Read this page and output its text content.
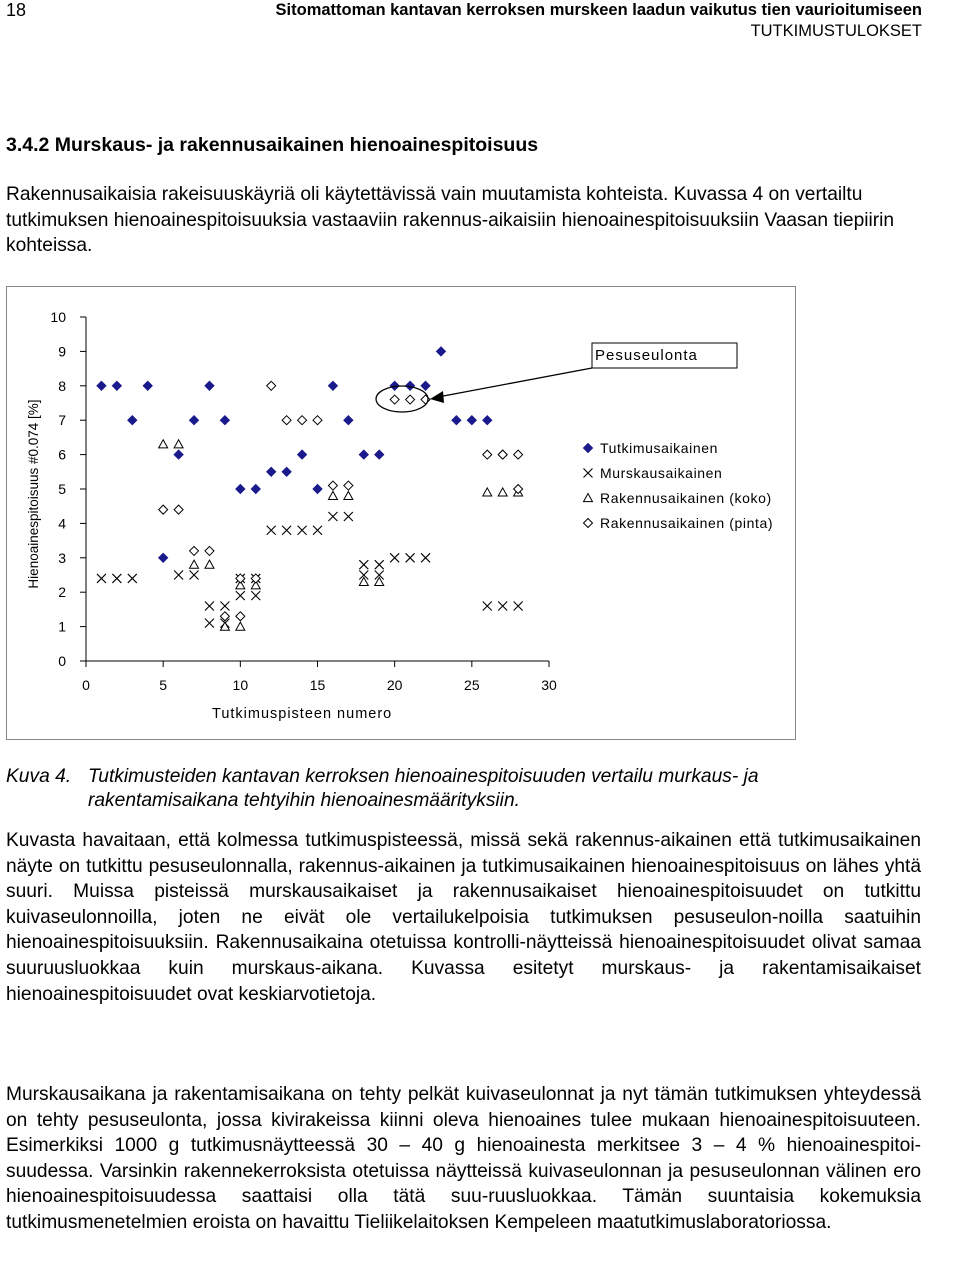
18	Sitomattoman kantavan kerroksen murskeen laadun vaikutus tien vaurioitumiseen
TUTKIMUSTULOKSET
3.4.2 Murskaus- ja rakennusaikainen hienoainespitoisuus

Rakennusaikaisia rakeisuuskäyriä oli käytettävissä vain muutamista kohteista. Kuvassa 4 on vertailtu tutkimuksen hienoainespitoisuuksia vastaaviin rakennus-aikaisiin hienoainespitoisuuksiin Vaasan tiepiirin kohteissa.

0
1
2
3
4
5
6
7
8
9
10
0	5	10	15	20	25	30
Tutkimuspisteen numero
Hienoainespitoisuus #0.074 [%]	Tutkimusaikainen
Murskausaikainen
Rakennusaikainen (koko)
Rakennusaikainen (pinta)
Pesuseulonta
Kuva 4. Tutkimusteiden kantavan kerroksen hienoainespitoisuuden vertailu murkaus- ja rakentamisaikana tehtyihin hienoainesmäärityksiin.

Kuvasta havaitaan, että kolmessa tutkimuspisteessä, missä sekä rakennus-aikainen että tutkimusaikainen näyte on tutkittu pesuseulonnalla, rakennus-aikainen ja tutkimusaikainen hienoainespitoisuus on lähes yhtä suuri. Muissa pisteissä murskausaikaiset ja rakennusaikaiset hienoainespitoisuudet on tutkittu kuivaseulonnoilla, joten ne eivät ole vertailukelpoisia tutkimuksen pesuseulon-noilla saatuihin hienoainespitoisuuksiin. Rakennusaikaina otetuissa kontrolli-näytteissä hienoainespitoisuudet olivat samaa suuruusluokkaa kuin murskaus-aikana. Kuvassa esitetyt murskaus- ja rakentamisaikaiset hienoainespitoisuudet ovat keskiarvotietoja.

Murskausaikana ja rakentamisaikana on tehty pelkät kuivaseulonnat ja nyt tämän tutkimuksen yhteydessä on tehty pesuseulonta, jossa kivirakeissa kiinni oleva hienoaines tulee mukaan hienoainespitoisuuteen. Esimerkiksi 1000 g tutkimusnäytteessä 30 – 40 g hienoainesta merkitsee 3 – 4 % hienoainespitoi-suudessa. Varsinkin rakennekerroksista otetuissa näytteissä kuivaseulonnan ja pesuseulonnan välinen ero hienoainespitoisuudessa saattaisi olla tätä suu-ruusluokkaa. Tämän suuntaisia kokemuksia tutkimusmenetelmien eroista on havaittu Tieliikelaitoksen Kempeleen maatutkimuslaboratoriossa.
